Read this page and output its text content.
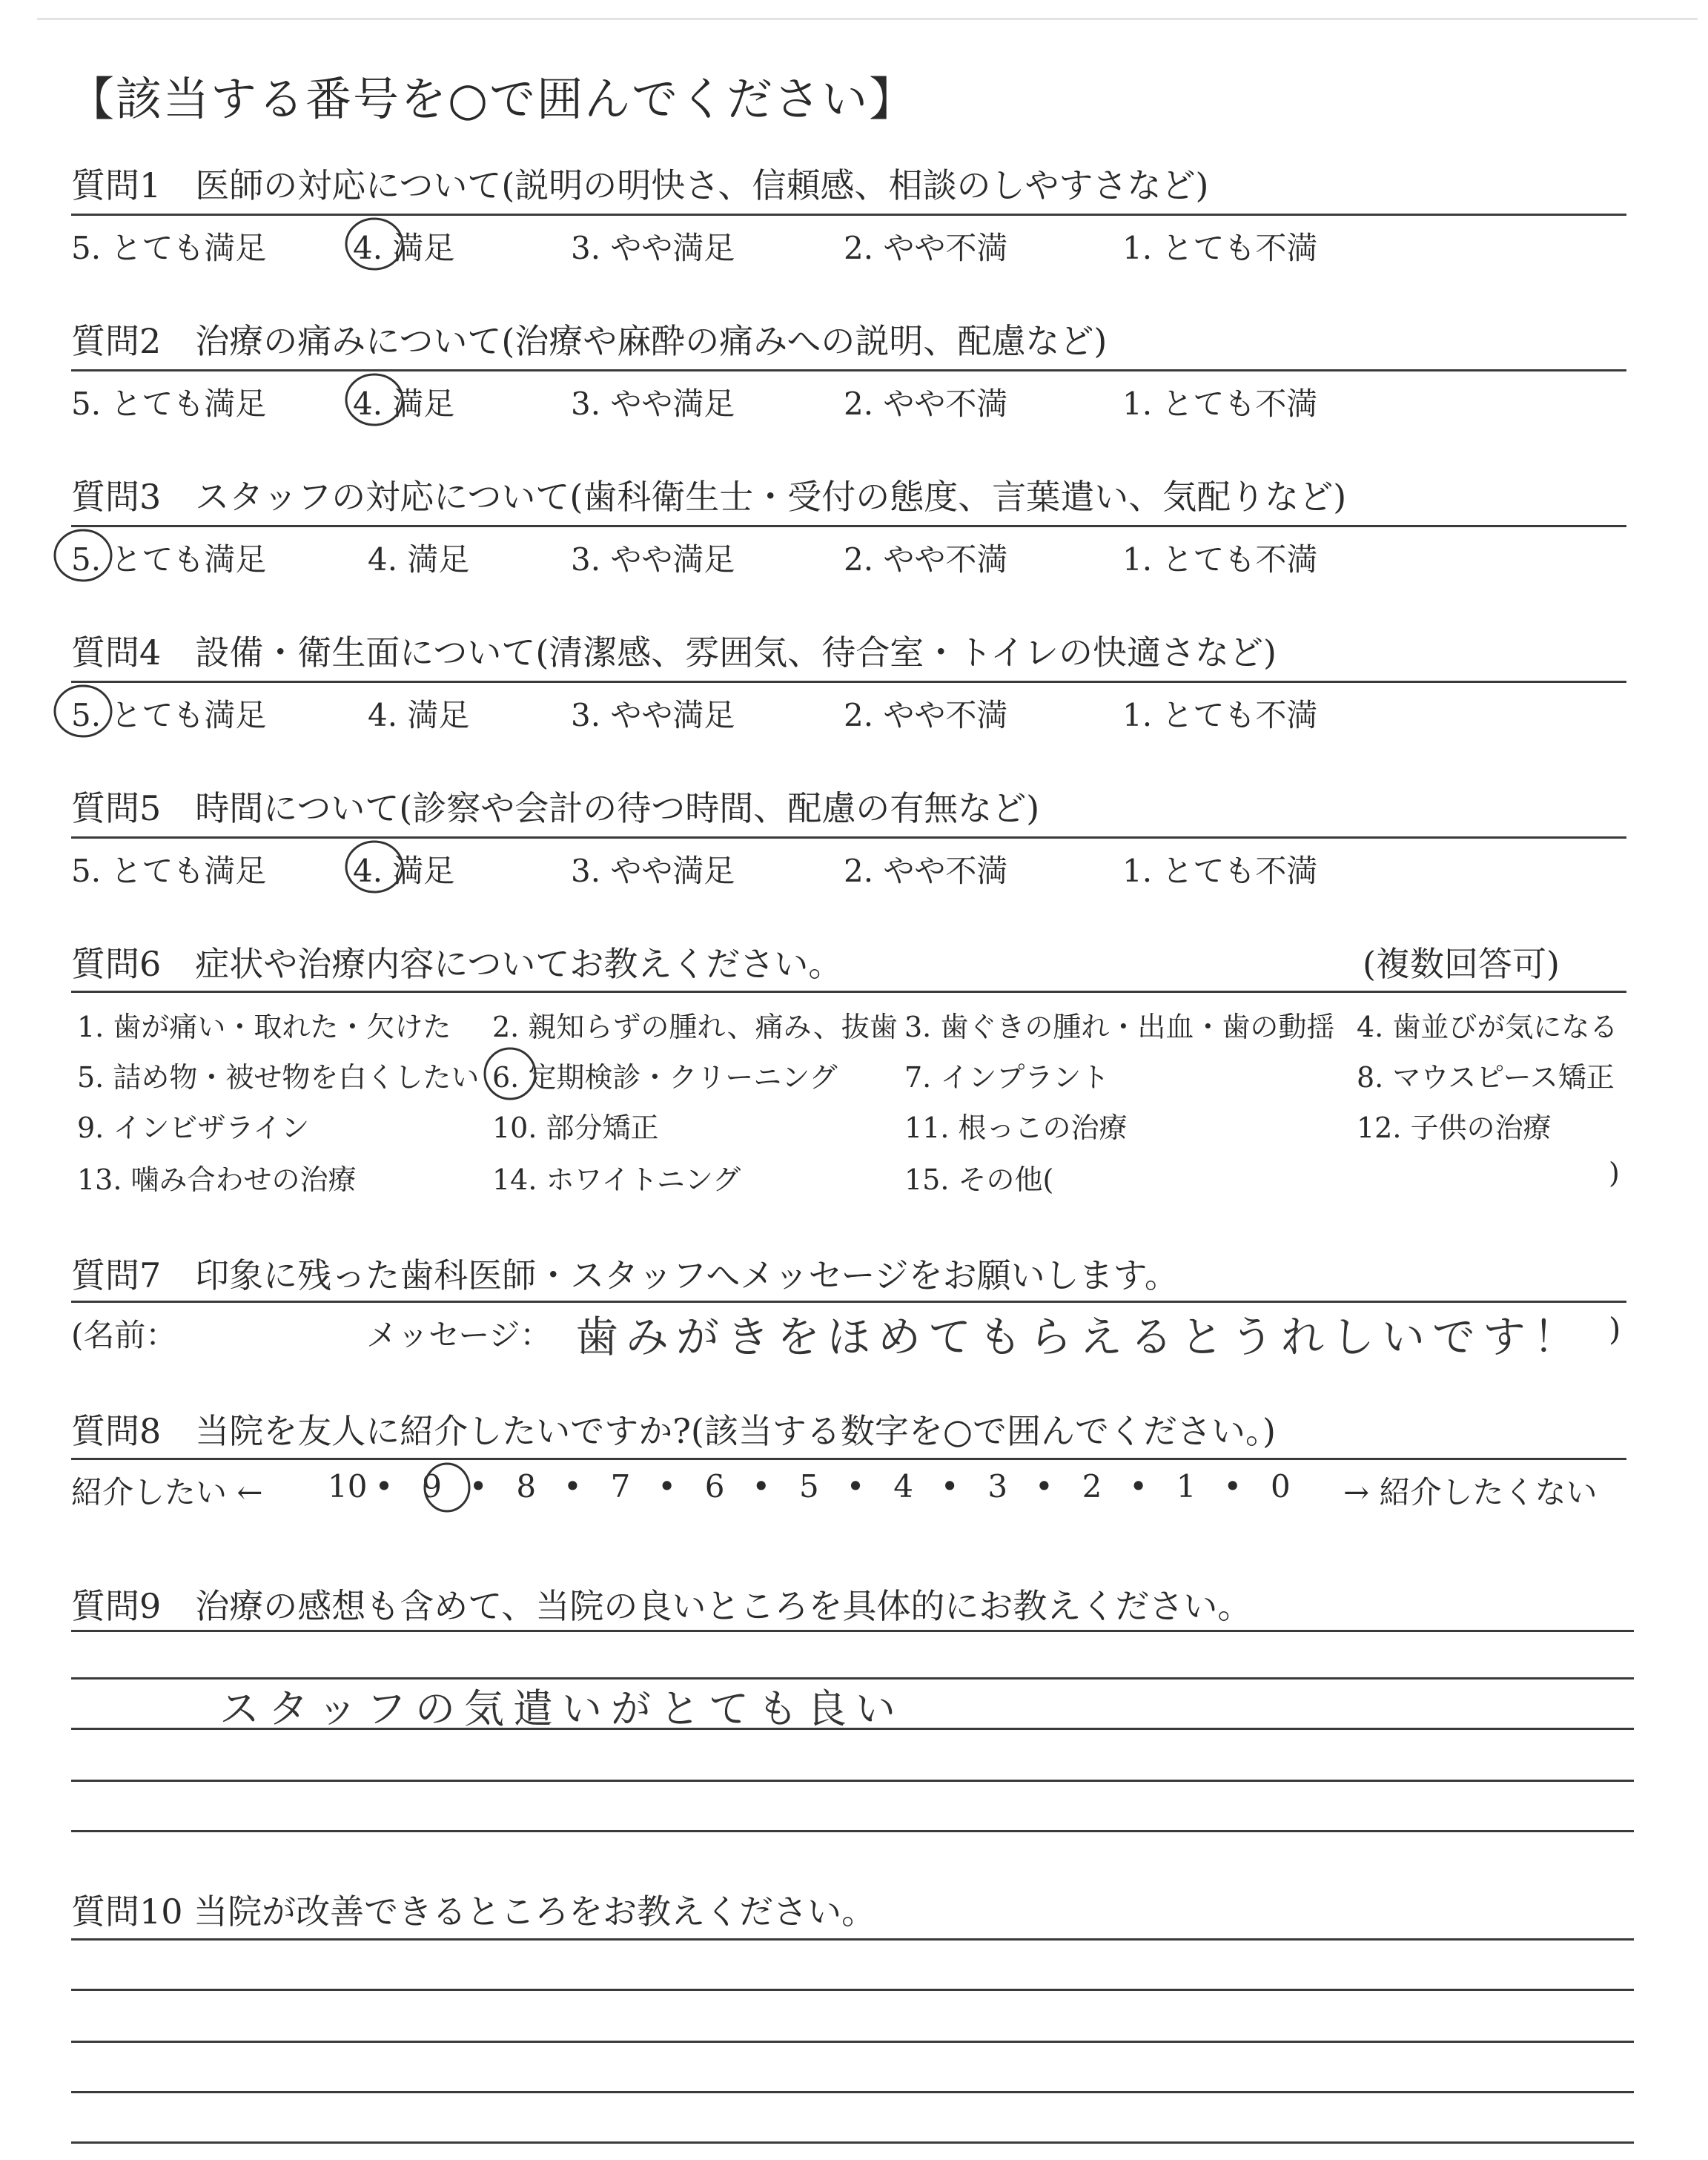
【該当する番号を○で囲んでください】
質問1　医師の対応について(説明の明快さ、信頼感、相談のしやすさなど)
5. とても満足	4. 満足	3. やや満足	2. やや不満	1. とても不満
質問2　治療の痛みについて(治療や麻酔の痛みへの説明、配慮など)
5. とても満足	4. 満足	3. やや満足	2. やや不満	1. とても不満
質問3　スタッフの対応について(歯科衛生士・受付の態度、言葉遣い、気配りなど)
5. とても満足	4. 満足	3. やや満足	2. やや不満	1. とても不満
質問4　設備・衛生面について(清潔感、雰囲気、待合室・トイレの快適さなど)
5. とても満足	4. 満足	3. やや満足	2. やや不満	1. とても不満
質問5　時間について(診察や会計の待つ時間、配慮の有無など)
5. とても満足	4. 満足	3. やや満足	2. やや不満	1. とても不満
質問6　症状や治療内容についてお教えください。	(複数回答可)
1. 歯が痛い・取れた・欠けた 2. 親知らずの腫れ、痛み、抜歯 3. 歯ぐきの腫れ・出血・歯の動揺 4. 歯並びが気になる
5. 詰め物・被せ物を白くしたい 6. 定期検診・クリーニング 7. インプラント	8. マウスピース矯正
9. インビザライン	10. 部分矯正	11. 根っこの治療	12. 子供の治療
13. 噛み合わせの治療	14. ホワイトニング	15. その他(	)
質問7　印象に残った歯科医師・スタッフへメッセージをお願いします。
(名前：	メッセージ： 歯みがきをほめてもらえるとうれしいです！ )
質問8　当院を友人に紹介したいですか?(該当する数字を○で囲んでください。)
紹介したい ←	→ 紹介したくない
10 • 9 • 8 • 7 • 6 • 5 • 4 • 3 • 2 • 1 • 0
質問9　治療の感想も含めて、当院の良いところを具体的にお教えください。
スタッフの気遣いがとても良い
質問10 当院が改善できるところをお教えください。
